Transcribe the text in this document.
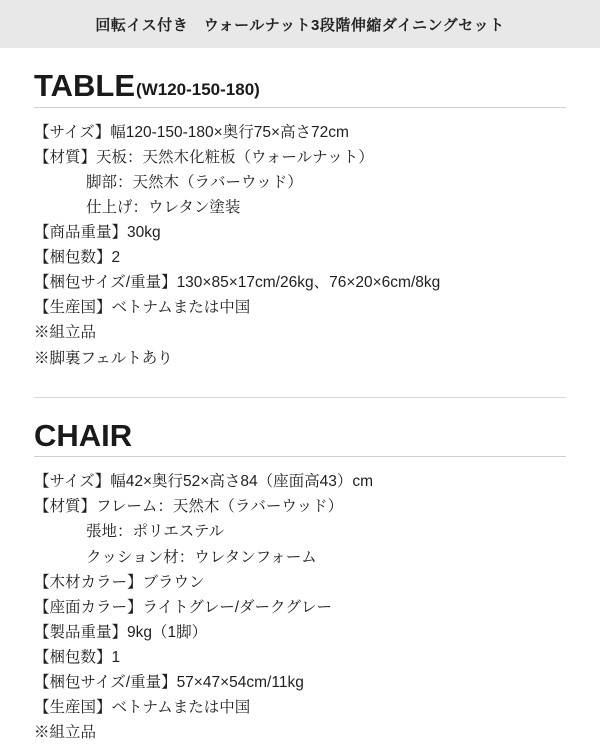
回転イス付き　ウォールナット3段階伸縮ダイニングセット
TABLE (W120-150-180)
【サイズ】幅120-150-180×奥行75×高さ72cm
【材質】天板：天然木化粧板（ウォールナット）
脚部：天然木（ラバーウッド）
仕上げ：ウレタン塗装
【商品重量】30kg
【梱包数】2
【梱包サイズ/重量】130×85×17cm/26kg、76×20×6cm/8kg
【生産国】ベトナムまたは中国
※組立品
※脚裏フェルトあり
CHAIR
【サイズ】幅42×奥行52×高さ84（座面高43）cm
【材質】フレーム：天然木（ラバーウッド）
張地：ポリエステル
クッション材：ウレタンフォーム
【木材カラー】ブラウン
【座面カラー】ライトグレー/ダークグレー
【製品重量】9kg（1脚）
【梱包数】1
【梱包サイズ/重量】57×47×54cm/11kg
【生産国】ベトナムまたは中国
※組立品
